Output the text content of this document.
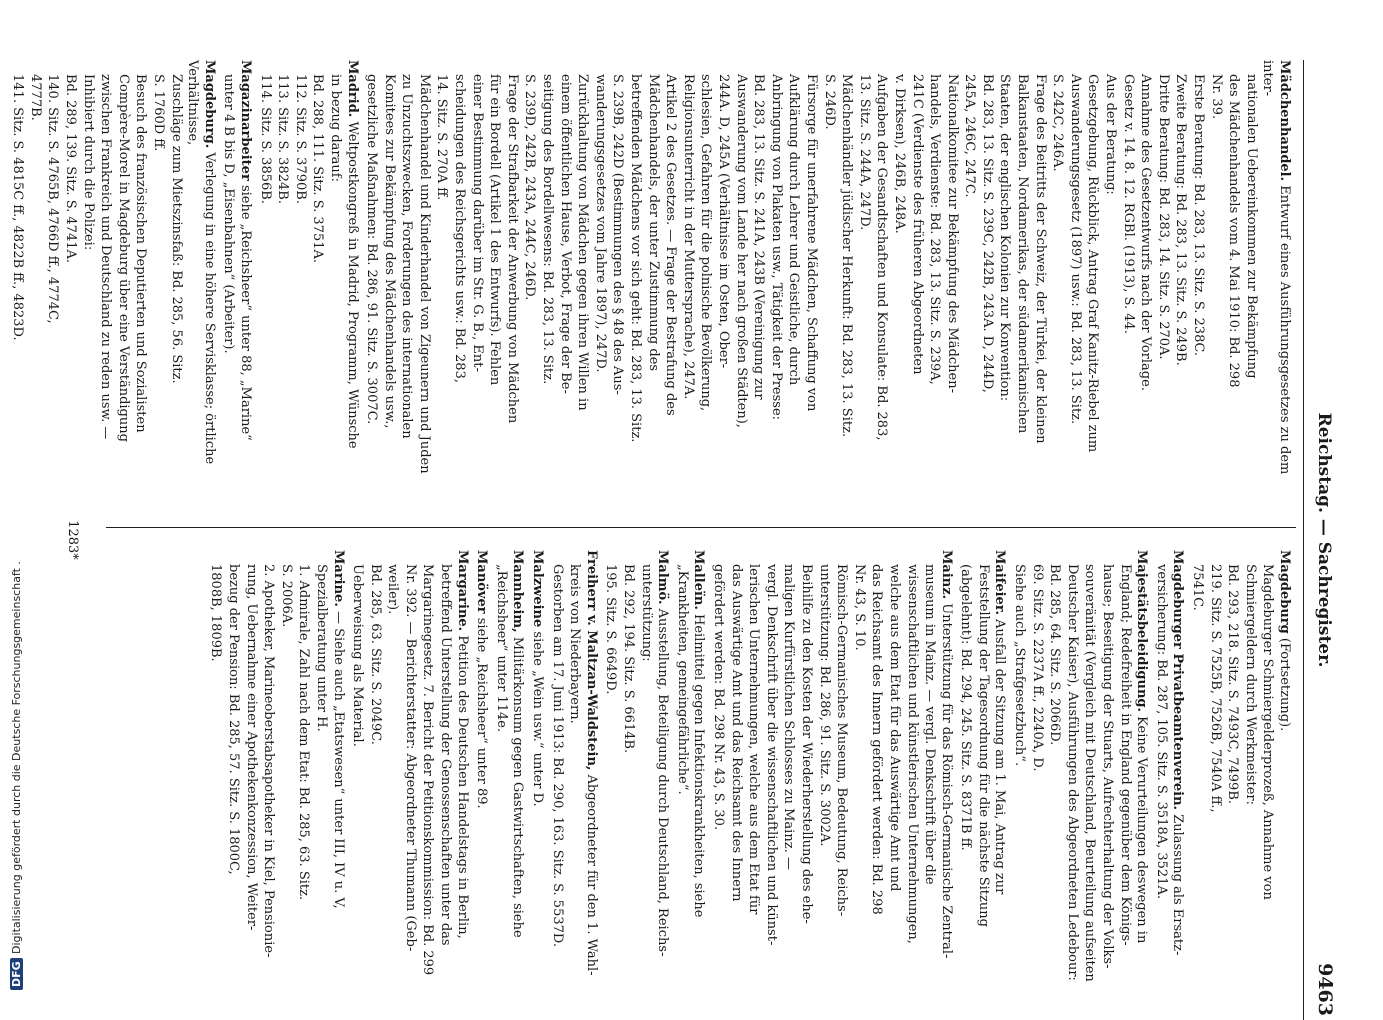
Reichstag. — Sachregister.
9463
Mädchenhandel. Entwurf eines Ausführungsgesetzes zu dem inter-
nationalen Uebereinkommen zur Bekämpfung
des Mädchenhandels vom 4. Mai 1910: Bd. 298
Nr. 39.
Erste Beratung: Bd. 283, 13. Sitz. S. 238C.
Zweite Beratung: Bd. 283, 13. Sitz. S. 249B.
Dritte Beratung: Bd. 283, 14. Sitz. S. 270A.
Annahme des Gesetzentwurfs nach der Vorlage.
Gesetz v. 14. 8. 12. RGBl. (1913), S. 44.
Aus der Beratung:
Gesetzgebung, Rückblick, Antrag Graf Kanitz-Riebel zum
Auswanderungsgesetz (1897) usw.: Bd. 283, 13. Sitz.
S. 242C, 246A.
Frage des Beitritts der Schweiz, der Türkei, der kleinen
Balkanstaaten, Nordamerikas, der südamerikanischen
Staaten, der englischen Kolonien zur Konvention:
Bd. 283, 13. Sitz. S. 239C, 242B, 243A. D, 244D,
245A, 246C, 247C.
Nationalkomitee zur Bekämpfung des Mädchen-
handels, Verdienste: Bd. 283, 13. Sitz. S. 239A,
241C (Verdienste des früheren Abgeordneten
v. Dirksen), 246B, 248A.
Aufgaben der Gesandtschaften und Konsulate: Bd. 283,
13. Sitz. S. 244A, 247D.
Mädchenhändler jüdischer Herkunft: Bd. 283, 13. Sitz.
S. 246D.
Fürsorge für unerfahrene Mädchen, Schaffung von
Aufklärung durch Lehrer und Geistliche, durch
Anbringung von Plakaten usw., Tätigkeit der Presse:
Bd. 283, 13. Sitz. S. 241A, 243B (Vereinigung zur
Auswanderung vom Lande her nach großen Städten),
244A. D, 245A (Verhältnisse im Osten, Ober-
schlesien, Gefahren für die polnische Bevölkerung,
Religionsunterricht in der Muttersprache), 247A.
Artikel 2 des Gesetzes. — Frage der Bestrafung des
Mädchenhandels, der unter Zustimmung des
betreffenden Mädchens vor sich geht: Bd. 283, 13. Sitz.
S. 239B, 242D (Bestimmungen des § 48 des Aus-
wanderungsgesetzes vom Jahre 1897), 247D.
Zurückhaltung von Mädchen gegen ihren Willen in
einem öffentlichen Hause, Verbot, Frage der Be-
seitigung des Bordellwesens: Bd. 283, 13. Sitz.
S. 239D, 242B, 243A, 244C, 246D.
Frage der Strafbarkeit der Anwerbung von Mädchen
für ein Bordell (Artikel 1 des Entwurfs). Fehlen
einer Bestimmung darüber im Str. G. B., Ent-
scheidungen des Reichsgerichts usw.: Bd. 283,
14. Sitz. S. 270A ff.
Mädchenhandel und Kinderhandel von Zigeunern und Juden
zu Unzuchtszwecken, Forderungen des internationalen
Komitees zur Bekämpfung des Mädchenhandels usw.,
gesetzliche Maßnahmen: Bd. 286, 91. Sitz. S. 3007C.
Madrid. Weltpostkongreß in Madrid, Programm, Wünsche
in bezug darauf:
Bd. 288, 111. Sitz. S. 3751A.
112. Sitz. S. 3790B.
113. Sitz. S. 3824B.
114. Sitz. S. 3856B.
Magazinarbeiter siehe „Reichsheer“ unter 88, „Marine“
unter 4 B bis D, „Eisenbahnen“ (Arbeiter).
Magdeburg. Verlegung in eine höhere Servisklasse; örtliche Verhältnisse,
Zuschläge zum Mietszinsfaß: Bd. 285, 56. Sitz.
S. 1760D ff.
Besuch des französischen Deputierten und Sozialisten
Compère-Morel in Magdeburg über eine Verständigung
zwischen Frankreich und Deutschland zu reden usw. —
Inhibiert durch die Polizei:
Bd. 289, 139. Sitz. S. 4741A.
140. Sitz. S. 4765B, 4766D ff., 4774C,
4777B.
141. Sitz. S. 4815C ff., 4822B ff., 4823D.
Magdeburg (Fortsetzung).
Magdeburger Schmiergelderprozeß, Annahme von
Schmiergeldern durch Werkmeister:
Bd. 293, 218. Sitz. S. 7493C, 7499B.
219. Sitz. S. 7525B, 7526B, 7540A ff.,
7541C.
Magdeburger Privatbeamtenverein. Zulassung als Ersatz-
versicherung: Bd. 287, 105. Sitz. S. 3518A, 3521A.
Majestätsbeleidigung. Keine Verurteilungen deswegen in
England; Redefreiheit in England gegenüber dem Königs-
hause; Beseitigung der Stuarts, Aufrechterhaltung der Volks-
souveränität (Vergleich mit Deutschland, Beurteilung aufseiten
Deutscher Kaiser), Ausführungen des Abgeordneten Ledebour:
Bd. 285, 64. Sitz. S. 2066D.
69. Sitz. S. 2237A ff., 2240A, D.
Siehe auch „Strafgesetzbuch“.
Maifeier. Ausfall der Sitzung am 1. Mai, Antrag zur
Feststellung der Tagesordnung für die nächste Sitzung
(abgelehnt): Bd. 294, 245. Sitz. S. 8371B ff.
Mainz. Unterstützung für das Römisch-Germanische Zentral-
museum in Mainz. — vergl. Denkschrift über die
wissenschaftlichen und künstlerischen Unternehmungen,
welche aus dem Etat für das Auswärtige Amt und
das Reichsamt des Innern gefördert werden: Bd. 298
Nr. 43, S. 10.
Römisch-Germanisches Museum, Bedeutung, Reichs-
unterstützung: Bd. 286, 91. Sitz. S. 3002A.
Beihilfe zu den Kosten der Wiederherstellung des ehe-
maligen Kurfürstlichen Schlosses zu Mainz. —
vergl. Denkschrift über die wissenschaftlichen und künst-
lerischen Unternehmungen, welche aus dem Etat für
das Auswärtige Amt und das Reichsamt des Innern
gefördert werden: Bd. 298 Nr. 43, S. 30.
Malleïn. Heilmittel gegen Infektionskrankheiten, siehe
„Krankheiten, gemeingefährliche“.
Malmö. Ausstellung, Beteiligung durch Deutschland, Reichs-
unterstützung:
Bd. 292, 194. Sitz. S. 6614B.
195. Sitz. S. 6649D.
Freiherr v. Maltzan-Waldstein, Abgeordneter für den 1. Wahl-
kreis von Niederbayern.
Gestorben am 17. Juni 1913: Bd. 290, 163. Sitz. S. 5537D.
Malzweine siehe „Wein usw.“ unter D.
Mannheim, Militärkonsum gegen Gastwirtschaften, siehe
„Reichsheer“ unter 114e.
Manöver siehe „Reichsheer“ unter 89.
Margarine. Petition des Deutschen Handelstags in Berlin,
betreffend Unterstellung der Genossenschaften unter das
Margarinegesetz. 7. Bericht der Petitionskommission: Bd. 299
Nr. 392. — Berichterstatter: Abgeordneter Thumann (Geb-
weiler).
Bd. 285, 63. Sitz. S. 2049C.
Ueberweisung als Material.
Marine. — Siehe auch „Etatswesen“ unter III, IV u. V,
Spezialberatung unter H.
1. Admirale, Zahl nach dem Etat: Bd. 285, 63. Sitz.
S. 2006A.
2. Apotheker, Marineoberstabsapotheker in Kiel, Pensionie-
rung, Uebernahme einer Apothekenkonzession, Weiter-
bezug der Pension: Bd. 285, 57. Sitz. S. 1800C,
1808B, 1809B.
1283*
DFG
Digitalisierung gefördert durch die Deutsche Forschungsgemeinschaft .
